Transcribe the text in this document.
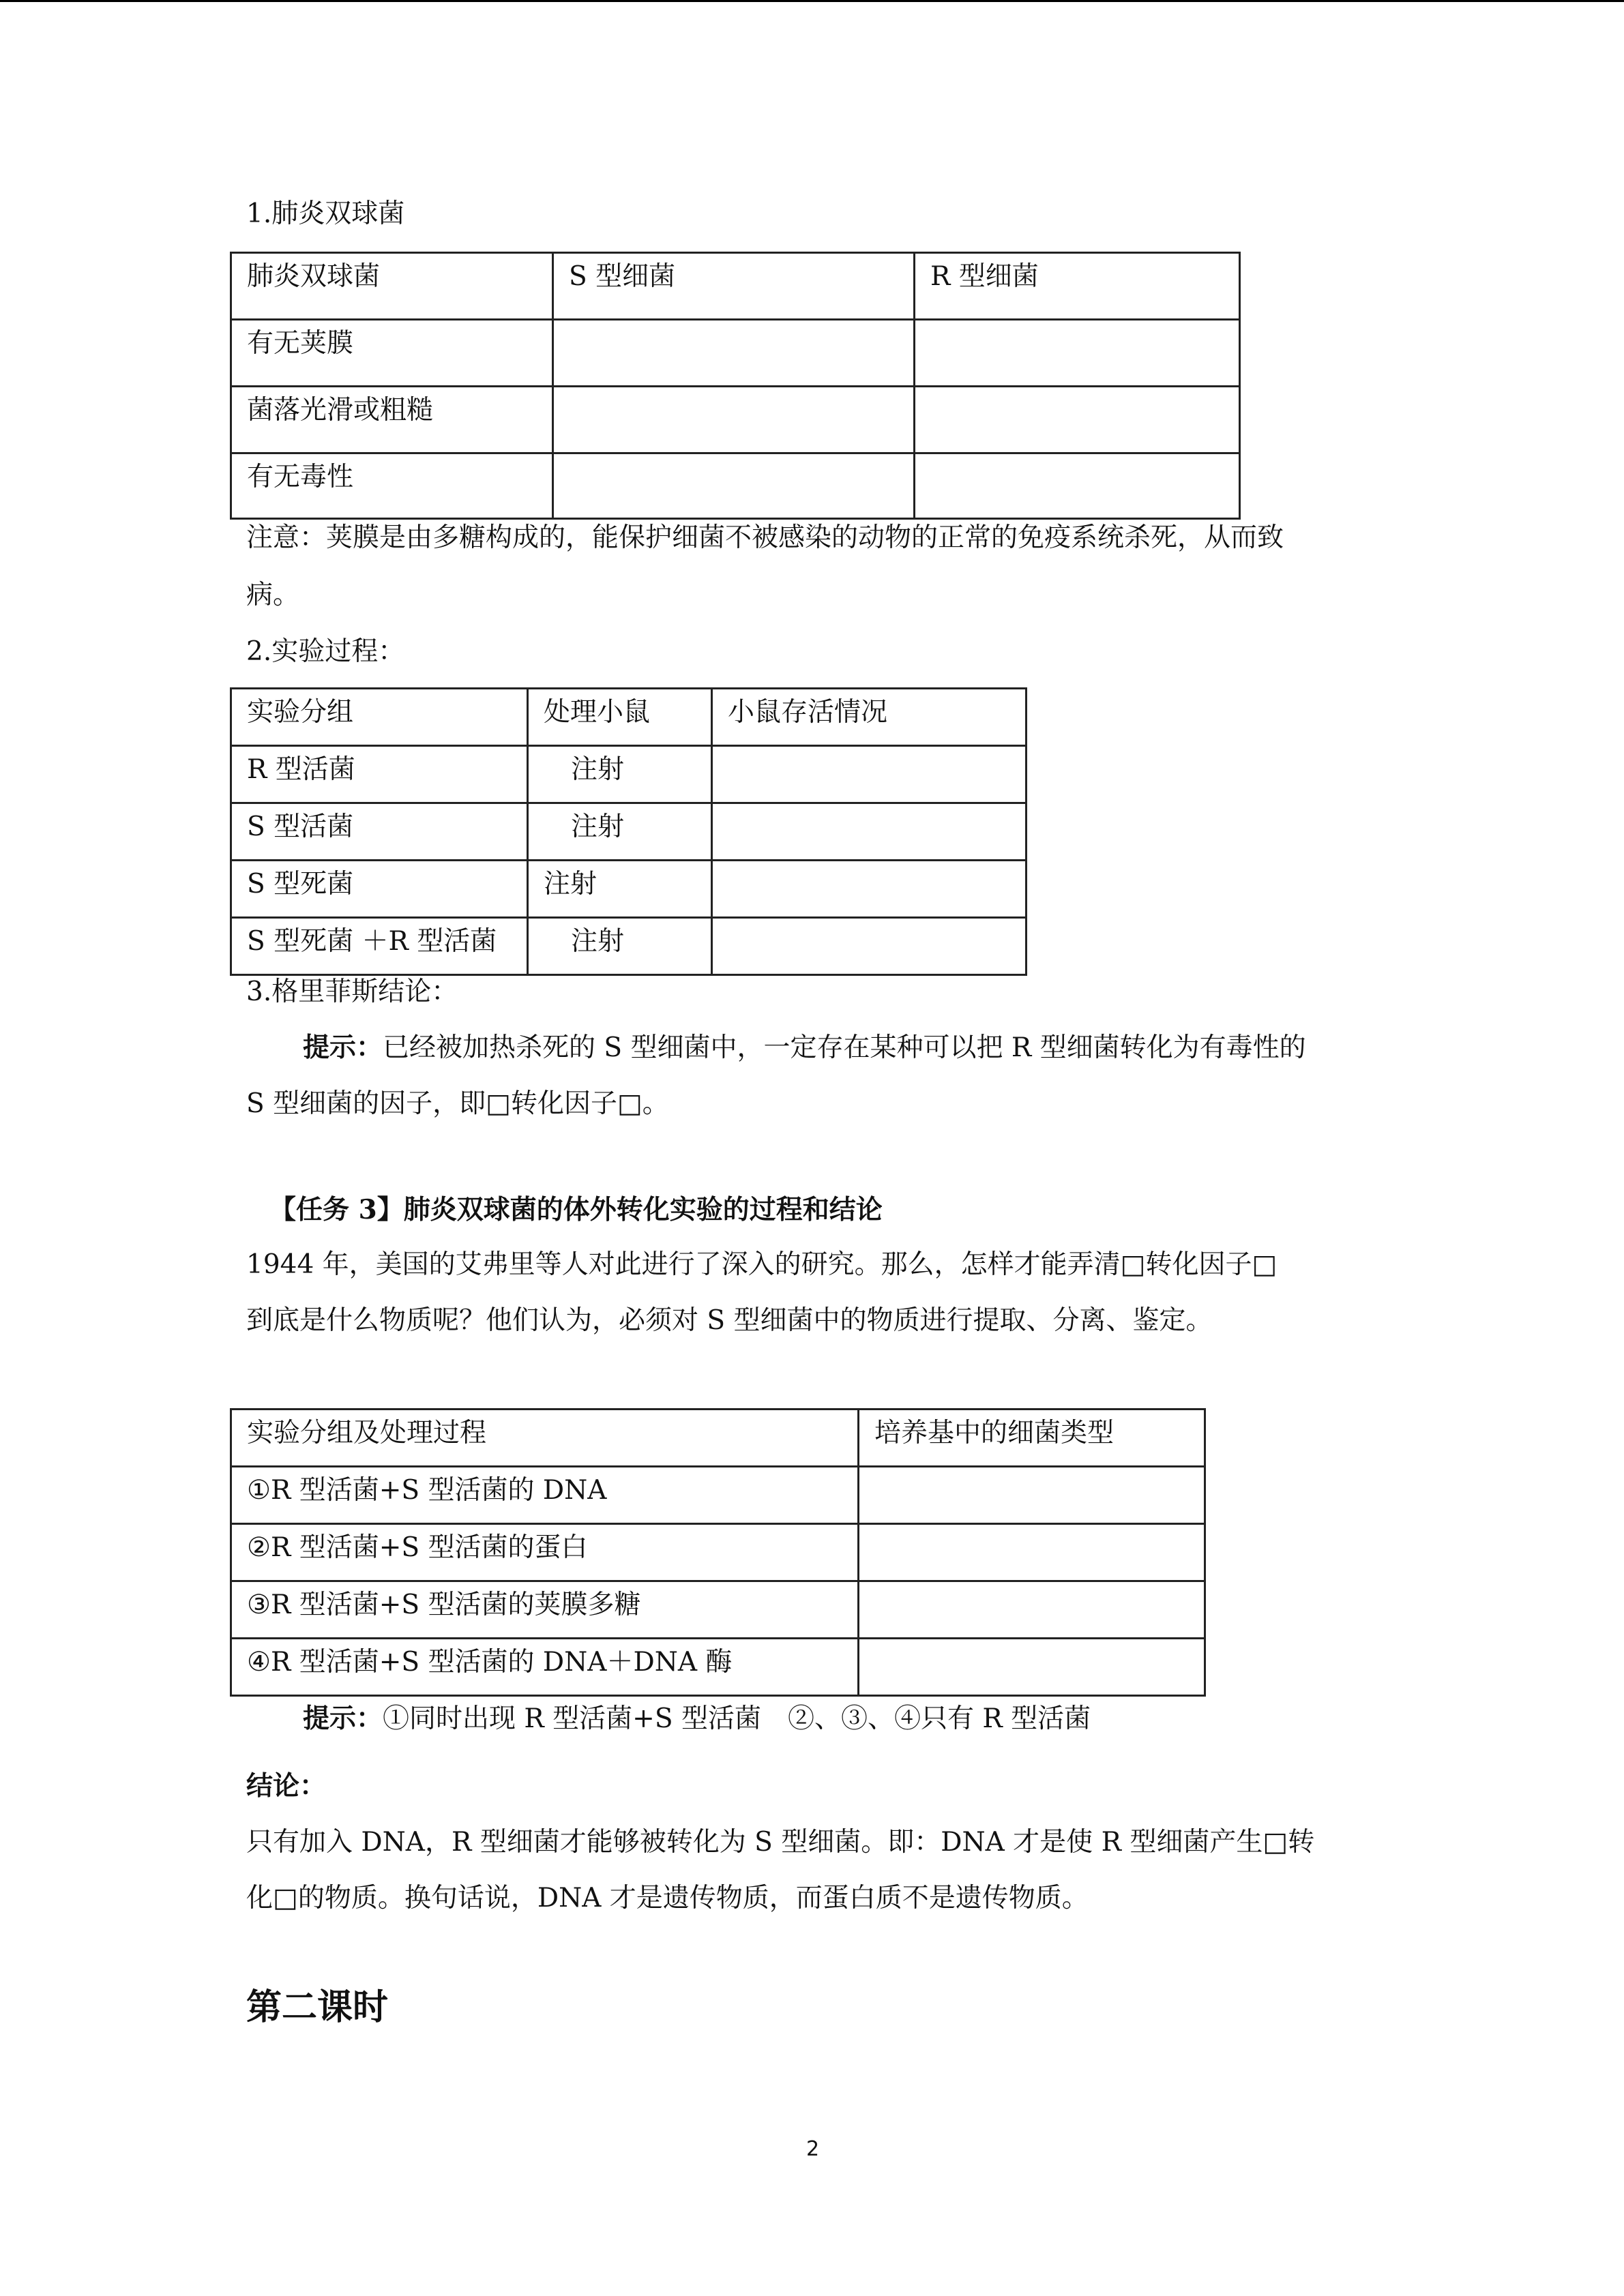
1.肺炎双球菌
肺炎双球菌	S 型细菌	R 型细菌
有无荚膜		
菌落光滑或粗糙		
有无毒性		
注意：荚膜是由多糖构成的，能保护细菌不被感染的动物的正常的免疫系统杀死，从而致
病。
2.实验过程：
实验分组	处理小鼠	小鼠存活情况
R 型活菌	注射	
S 型活菌	注射	
S 型死菌	注射	
S 型死菌 ＋R 型活菌	注射	
3.格里菲斯结论：
提示：已经被加热杀死的 S 型细菌中，一定存在某种可以把 R 型细菌转化为有毒性的
S 型细菌的因子，即□转化因子□。
【任务 3】肺炎双球菌的体外转化实验的过程和结论
1944 年，美国的艾弗里等人对此进行了深入的研究。那么，怎样才能弄清□转化因子□
到底是什么物质呢？他们认为，必须对 S 型细菌中的物质进行提取、分离、鉴定。
实验分组及处理过程	培养基中的细菌类型
①R 型活菌+S 型活菌的 DNA	
②R 型活菌+S 型活菌的蛋白	
③R 型活菌+S 型活菌的荚膜多糖	
④R 型活菌+S 型活菌的 DNA＋DNA 酶	
提示：①同时出现 R 型活菌+S 型活菌　②、③、④只有 R 型活菌
结论：
只有加入 DNA，R 型细菌才能够被转化为 S 型细菌。即：DNA 才是使 R 型细菌产生□转
化□的物质。换句话说，DNA 才是遗传物质，而蛋白质不是遗传物质。
第二课时
2
